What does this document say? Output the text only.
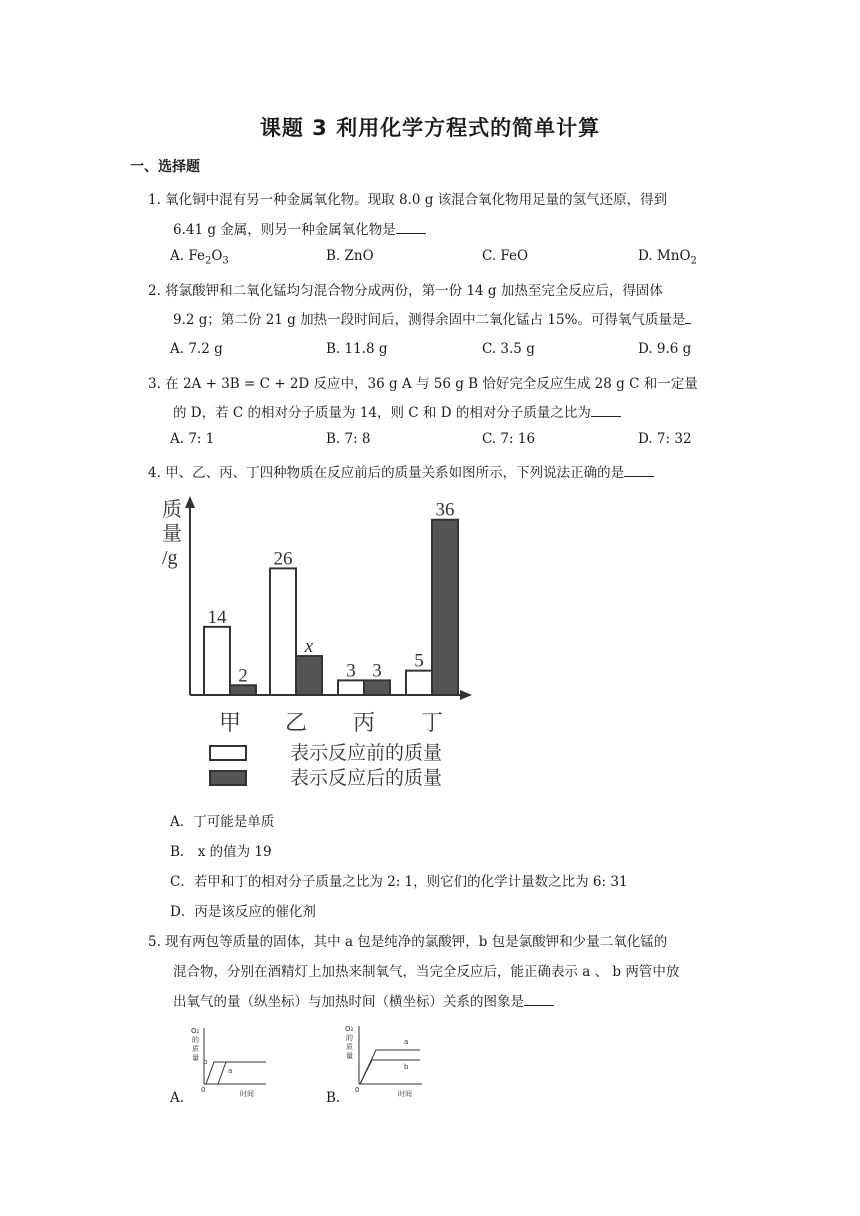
课题 3 利用化学方程式的简单计算
一、选择题
1. 氧化铜中混有另一种金属氧化物。现取 8.0 g 该混合氧化物用足量的氢气还原，得到
6.41 g 金属，则另一种金属氧化物是
A. $Fe_2O_3$	B. ZnO	C. FeO	D. MnO$_2$
2. 将氯酸钾和二氧化锰均匀混合物分成两份，第一份 14 g 加热至完全反应后，得固体
9.2 g；第二份 21 g 加热一段时间后，测得余固中二氧化锰占 15%。可得氧气质量是
A. 7.2 g	B. 11.8 g	C. 3.5 g	D. 9.6 g
3. 在 2A + 3B = C + 2D 反应中，36 g A 与 56 g B 恰好完全反应生成 28 g C 和一定量
的 D，若 C 的相对分子质量为 14，则 C 和 D 的相对分子质量之比为
A. 7: 1	B. 7: 8	C. 7: 16	D. 7: 32
4. 甲、乙、丙、丁四种物质在反应前后的质量关系如图所示，下列说法正确的是
质
量
/g
14
2
26
x
3 3 5
36
甲 乙 丙 丁
表示反应前的质量
表示反应后的质量
A．丁可能是单质
B． x 的值为 19
C．若甲和丁的相对分子质量之比为 2: 1，则它们的化学计量数之比为 6: 31
D．丙是该反应的催化剂
5. 现有两包等质量的固体，其中 a 包是纯净的氯酸钾，b 包是氯酸钾和少量二氧化锰的
混合物，分别在酒精灯上加热来制氧气，当完全反应后，能正确表示 a 、 b 两管中放
出氧气的量（纵坐标）与加热时间（横坐标）关系的图象是
A.
O₂
的
质
量
0	时间
b
a
B.
O₂
的
质
量
0	时间
a
b
